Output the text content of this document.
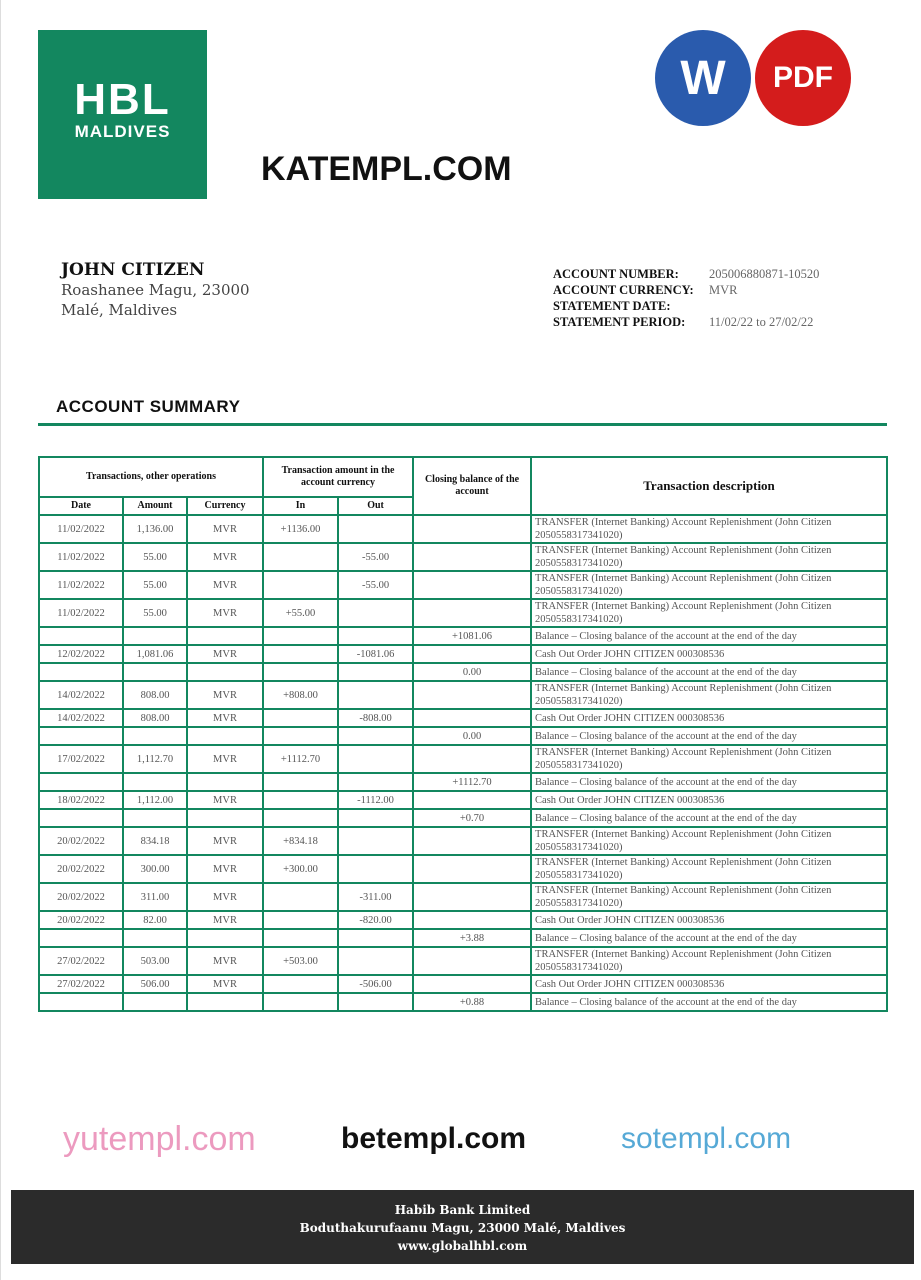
HBL
MALDIVES
W	PDF
KATEMPL.COM
JOHN CITIZEN
Roashanee Magu, 23000
Malé, Maldives
ACCOUNT NUMBER: 205006880871-10520
ACCOUNT CURRENCY: MVR
STATEMENT DATE:
STATEMENT PERIOD: 11/02/22 to 27/02/22
ACCOUNT SUMMARY
Transactions, other operations			Transaction amount in the account currency		Closing balance of the account	Transaction description
Date	Amount	Currency	In	Out		
11/02/2022	1,136.00	MVR	+1136.00			TRANSFER (Internet Banking) Account Replenishment (John Citizen 2050558317341020)
11/02/2022	55.00	MVR		-55.00		TRANSFER (Internet Banking) Account Replenishment (John Citizen 2050558317341020)
11/02/2022	55.00	MVR		-55.00		TRANSFER (Internet Banking) Account Replenishment (John Citizen 2050558317341020)
11/02/2022	55.00	MVR	+55.00			TRANSFER (Internet Banking) Account Replenishment (John Citizen 2050558317341020)
					+1081.06	Balance – Closing balance of the account at the end of the day
12/02/2022	1,081.06	MVR		-1081.06		Cash Out Order JOHN CITIZEN 000308536
					0.00	Balance – Closing balance of the account at the end of the day
14/02/2022	808.00	MVR	+808.00			TRANSFER (Internet Banking) Account Replenishment (John Citizen 2050558317341020)
14/02/2022	808.00	MVR		-808.00		Cash Out Order JOHN CITIZEN 000308536
					0.00	Balance – Closing balance of the account at the end of the day
17/02/2022	1,112.70	MVR	+1112.70			TRANSFER (Internet Banking) Account Replenishment (John Citizen 2050558317341020)
					+1112.70	Balance – Closing balance of the account at the end of the day
18/02/2022	1,112.00	MVR		-1112.00		Cash Out Order JOHN CITIZEN 000308536
					+0.70	Balance – Closing balance of the account at the end of the day
20/02/2022	834.18	MVR	+834.18			TRANSFER (Internet Banking) Account Replenishment (John Citizen 2050558317341020)
20/02/2022	300.00	MVR	+300.00			TRANSFER (Internet Banking) Account Replenishment (John Citizen 2050558317341020)
20/02/2022	311.00	MVR		-311.00		TRANSFER (Internet Banking) Account Replenishment (John Citizen 2050558317341020)
20/02/2022	82.00	MVR		-820.00		Cash Out Order JOHN CITIZEN 000308536
					+3.88	Balance – Closing balance of the account at the end of the day
27/02/2022	503.00	MVR	+503.00			TRANSFER (Internet Banking) Account Replenishment (John Citizen 2050558317341020)
27/02/2022	506.00	MVR		-506.00		Cash Out Order JOHN CITIZEN 000308536
					+0.88	Balance – Closing balance of the account at the end of the day
yutempl.com	betempl.com	sotempl.com
Habib Bank Limited
Boduthakurufaanu Magu, 23000 Malé, Maldives
www.globalhbl.com
